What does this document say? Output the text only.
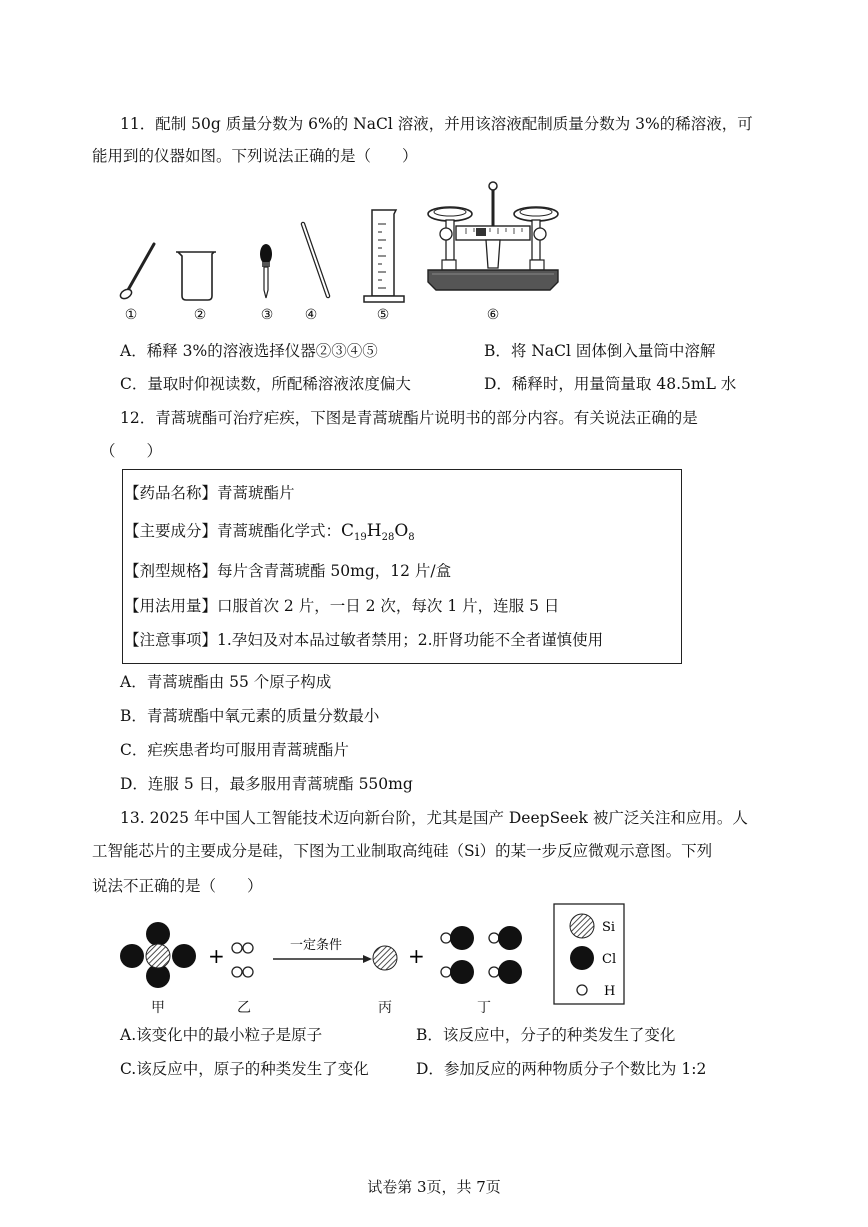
11．配制 50g 质量分数为 6%的 NaCl 溶液，并用该溶液配制质量分数为 3%的稀溶液，可
能用到的仪器如图。下列说法正确的是（　　）
①	②	③	④	⑤	⑥
A．稀释 3%的溶液选择仪器②③④⑤	B．将 NaCl 固体倒入量筒中溶解
C．量取时仰视读数，所配稀溶液浓度偏大	D．稀释时，用量筒量取 48.5mL 水
12．青蒿琥酯可治疗疟疾，下图是青蒿琥酯片说明书的部分内容。有关说法正确的是
（　　）
【药品名称】青蒿琥酯片
【主要成分】青蒿琥酯化学式：$C_{19}H_{28}O_8$
【剂型规格】每片含青蒿琥酯 50mg，12 片/盒
【用法用量】口服首次 2 片，一日 2 次，每次 1 片，连服 5 日
【注意事项】1.孕妇及对本品过敏者禁用；2.肝肾功能不全者谨慎使用
A．青蒿琥酯由 55 个原子构成
B．青蒿琥酯中氧元素的质量分数最小
C．疟疾患者均可服用青蒿琥酯片
D．连服 5 日，最多服用青蒿琥酯 550mg
13. 2025 年中国人工智能技术迈向新台阶，尤其是国产 DeepSeek 被广泛关注和应用。人
工智能芯片的主要成分是硅，下图为工业制取高纯硅（Si）的某一步反应微观示意图。下列
说法不正确的是（　　）
+	一定条件	+
Si
Cl
H
甲	乙	丙	丁
A.该变化中的最小粒子是原子	B．该反应中，分子的种类发生了变化
C.该反应中，原子的种类发生了变化	D．参加反应的两种物质分子个数比为 1:2
试卷第 3页，共 7页
